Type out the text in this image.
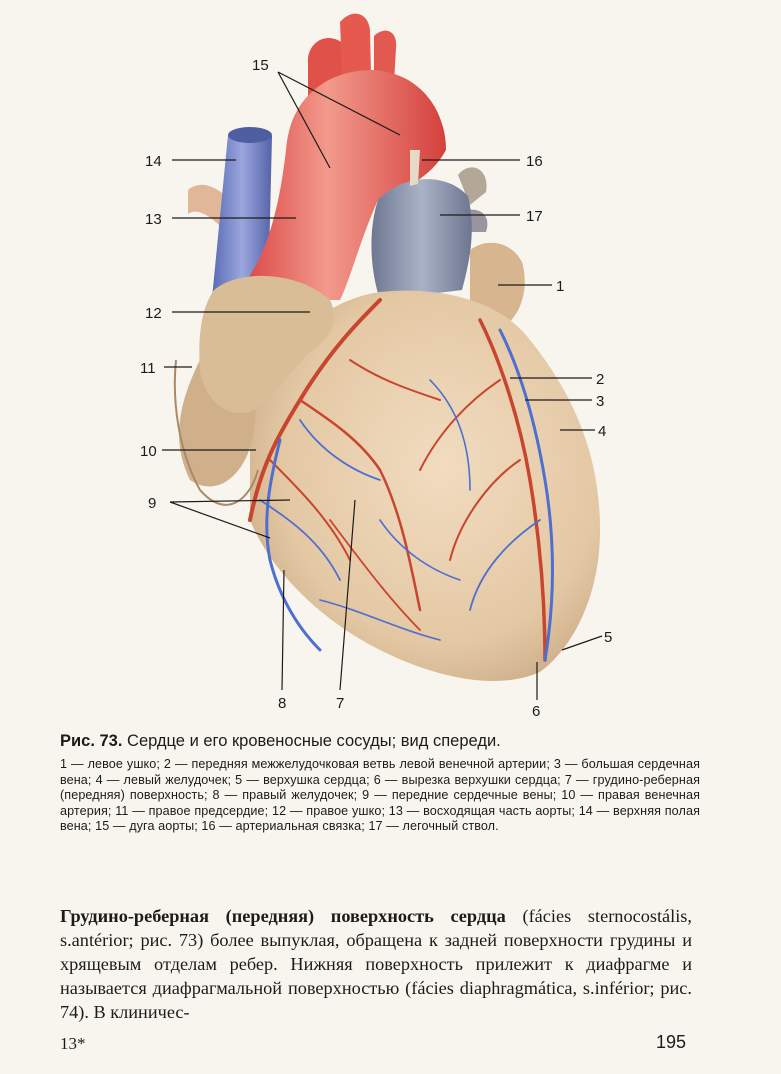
15
16
14
17
13
1
12
11
2
3
4
10
9
5
6
7
8

Рис. 73. Сердце и его кровеносные сосуды; вид спереди.

1 — левое ушко; 2 — передняя межжелудочковая ветвь левой венечной артерии; 3 — большая сердечная вена; 4 — левый желудочек; 5 — верхушка сердца; 6 — вырезка верхушки сердца; 7 — грудино-реберная (передняя) поверхность; 8 — правый желудочек; 9 — передние сердечные вены; 10 — правая венечная артерия; 11 — правое предсердие; 12 — правое ушко; 13 — восходящая часть аорты; 14 — верхняя полая вена; 15 — дуга аорты; 16 — артериальная связка; 17 — легочный ствол.

Грудино-реберная (передняя) поверхность сердца (fácies sternocostális, s.antérior; рис. 73) более выпуклая, обращена к задней поверхности грудины и хрящевым отделам ребер. Нижняя поверхность прилежит к диафрагме и называется диафрагмальной поверхностью (fácies diaphragmática, s.inférior; рис. 74). В клиничес-

13*	195
